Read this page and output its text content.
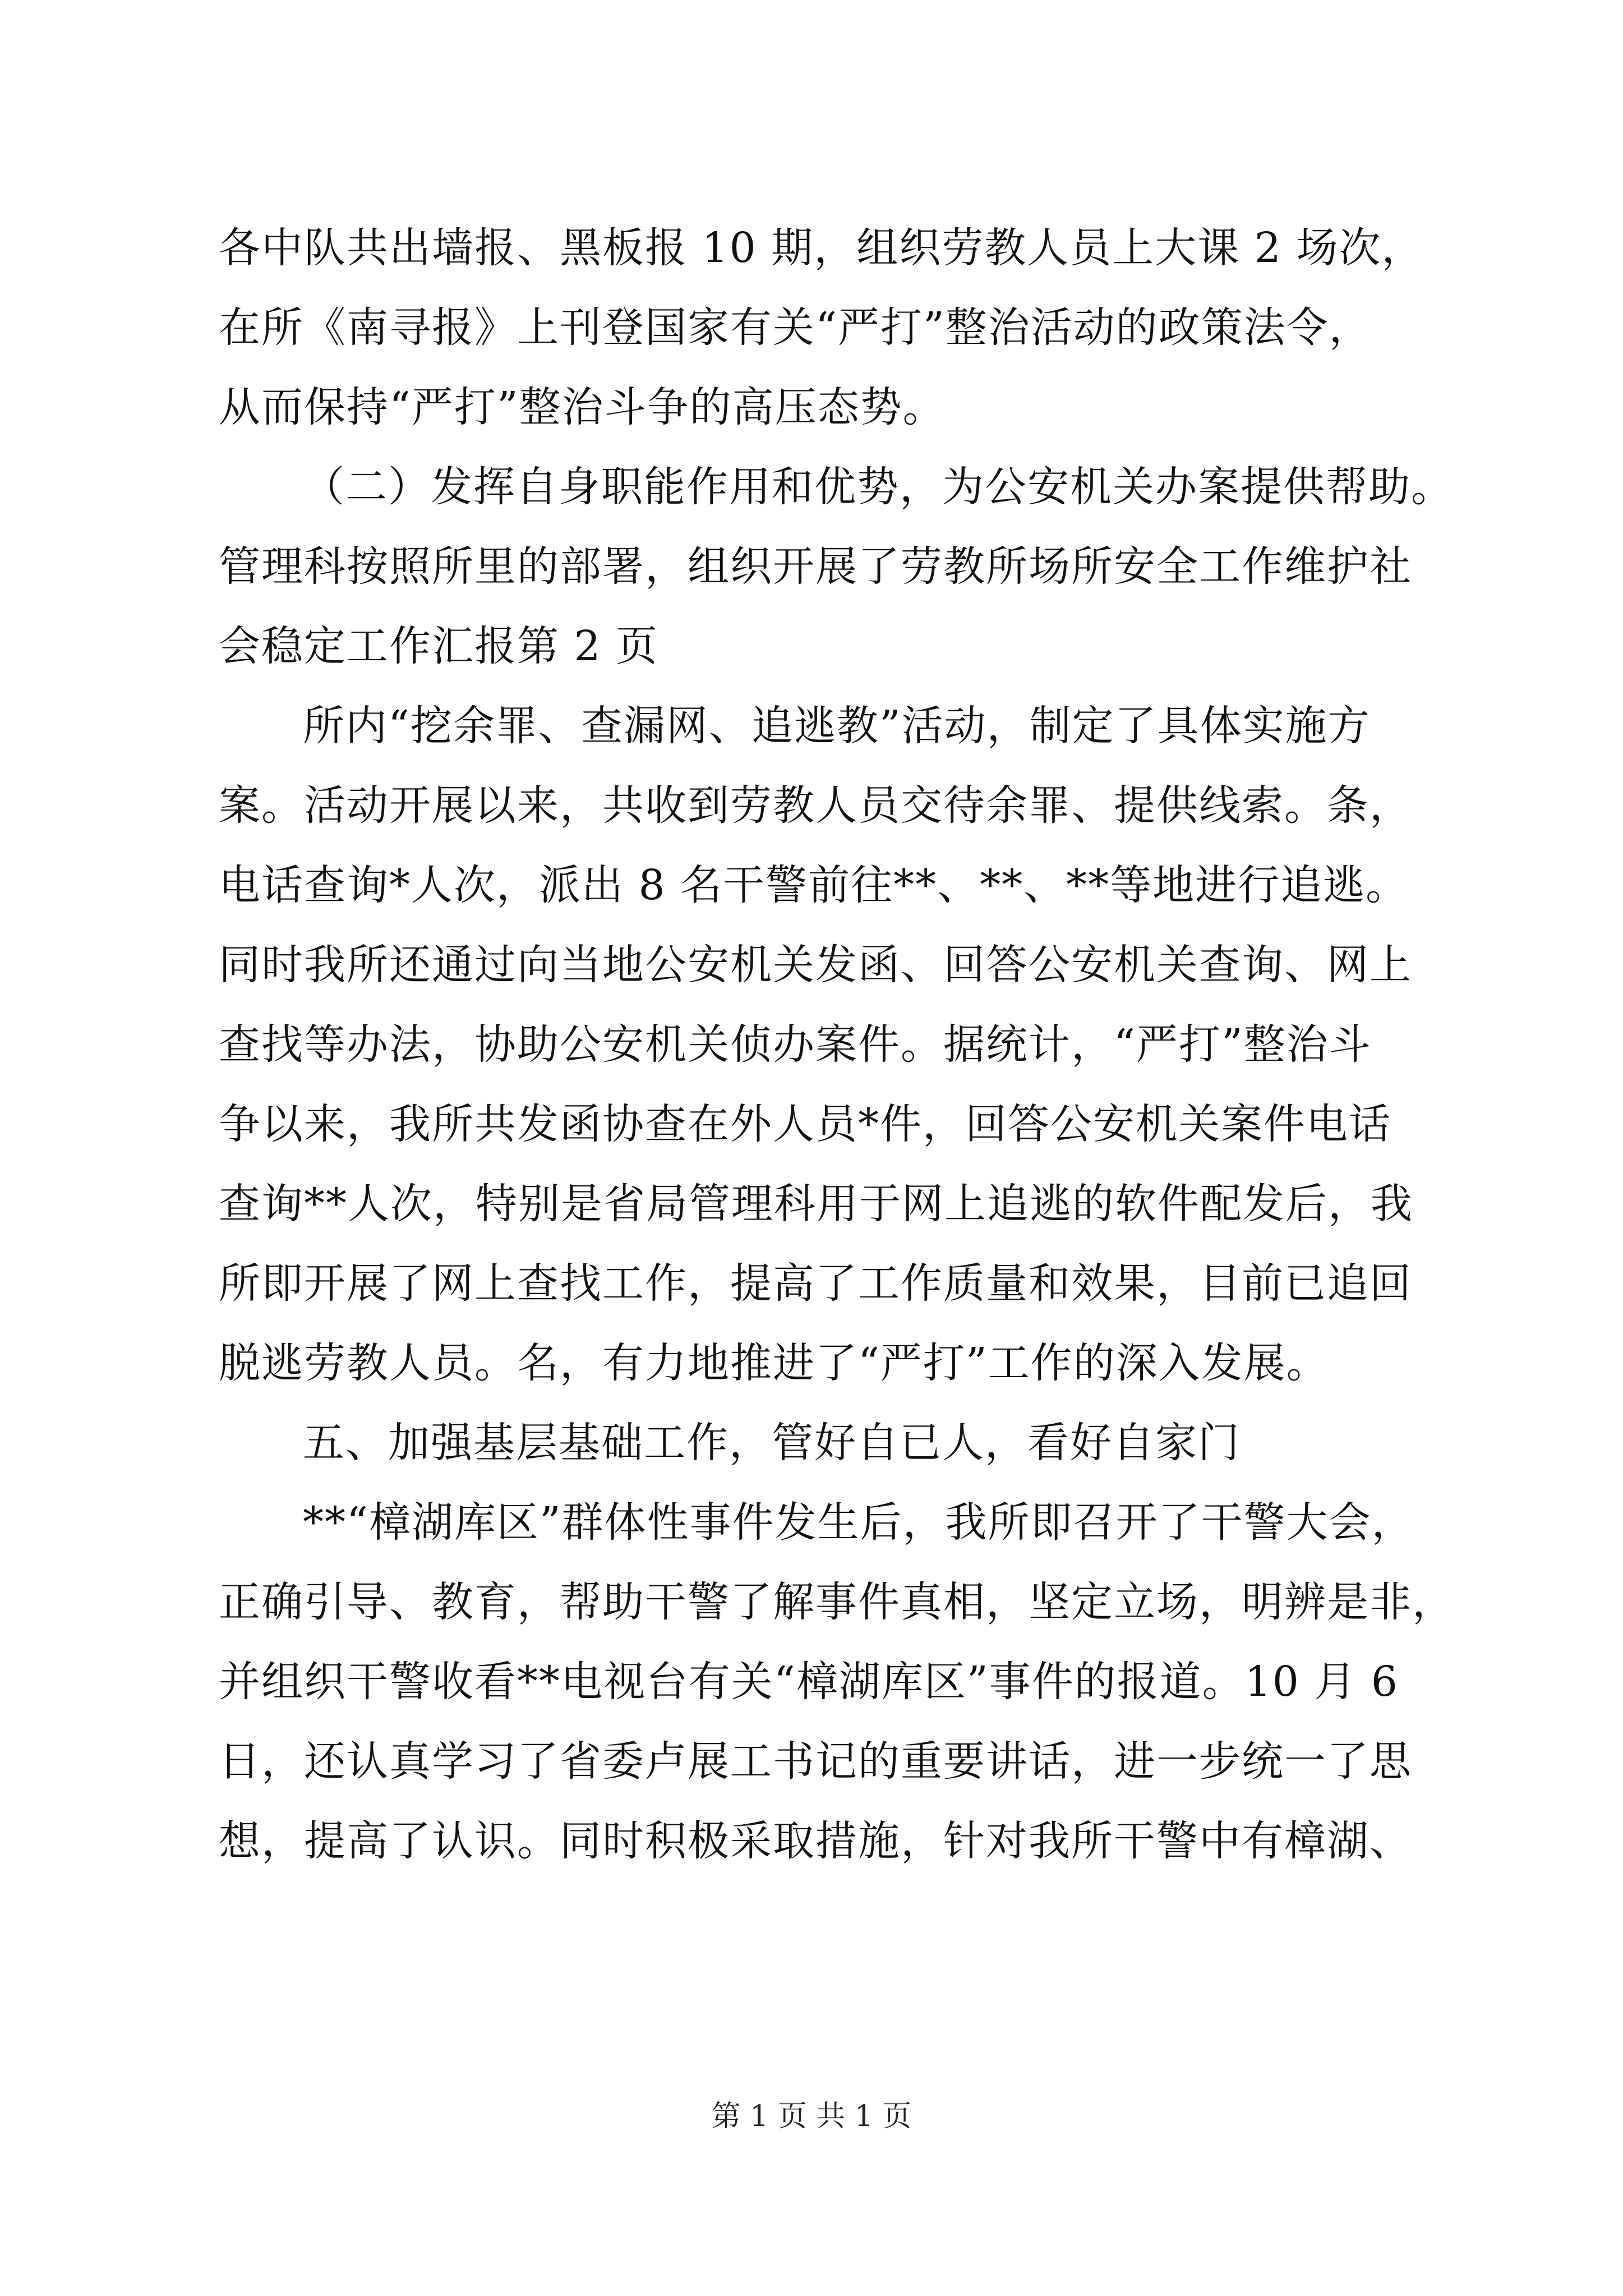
各中队共出墙报、黑板报 10 期，组织劳教人员上大课 2 场次，
在所《南寻报》上刊登国家有关“严打”整治活动的政策法令，
从而保持“严打”整治斗争的高压态势。
（二）发挥自身职能作用和优势，为公安机关办案提供帮助。
管理科按照所里的部署，组织开展了劳教所场所安全工作维护社
会稳定工作汇报第 2 页
所内“挖余罪、查漏网、追逃教”活动，制定了具体实施方
案。活动开展以来，共收到劳教人员交待余罪、提供线索。条，
电话查询*人次，派出 8 名干警前往**、**、**等地进行追逃。
同时我所还通过向当地公安机关发函、回答公安机关查询、网上
查找等办法，协助公安机关侦办案件。据统计，“严打”整治斗
争以来，我所共发函协查在外人员*件，回答公安机关案件电话
查询**人次，特别是省局管理科用于网上追逃的软件配发后，我
所即开展了网上查找工作，提高了工作质量和效果，目前已追回
脱逃劳教人员。名，有力地推进了“严打”工作的深入发展。
五、加强基层基础工作，管好自已人，看好自家门
**“樟湖库区”群体性事件发生后，我所即召开了干警大会，
正确引导、教育，帮助干警了解事件真相，坚定立场，明辨是非，
并组织干警收看**电视台有关“樟湖库区”事件的报道。10 月 6
日，还认真学习了省委卢展工书记的重要讲话，进一步统一了思
想，提高了认识。同时积极采取措施，针对我所干警中有樟湖、
第 1 页 共 1 页
